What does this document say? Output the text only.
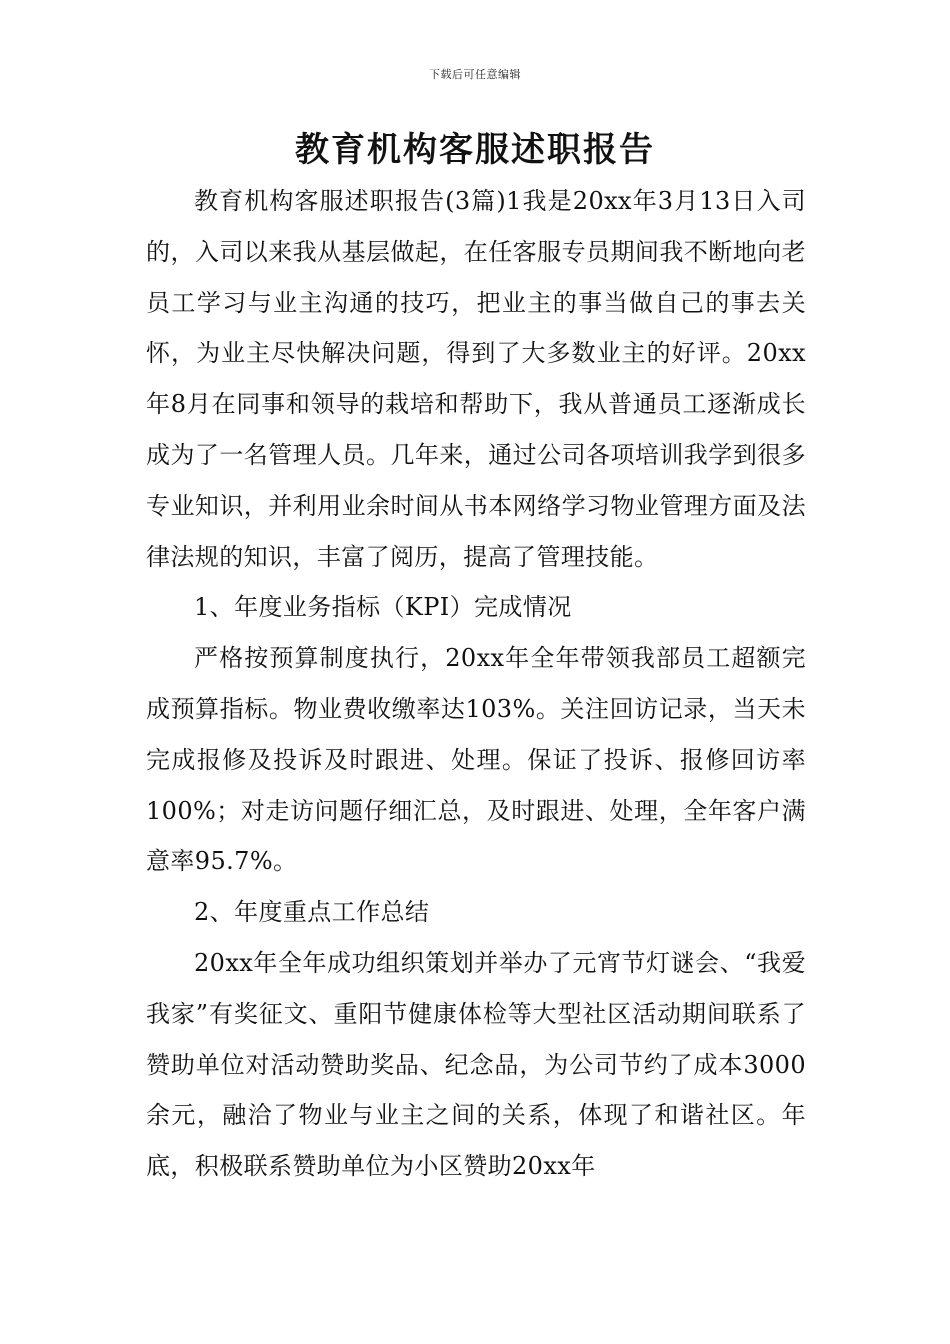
下载后可任意编辑
教育机构客服述职报告

教育机构客服述职报告(3篇)1我是20xx年3月13日入司的，入司以来我从基层做起，在任客服专员期间我不断地向老员工学习与业主沟通的技巧，把业主的事当做自己的事去关怀，为业主尽快解决问题，得到了大多数业主的好评。20xx年8月在同事和领导的栽培和帮助下，我从普通员工逐渐成长成为了一名管理人员。几年来，通过公司各项培训我学到很多专业知识，并利用业余时间从书本网络学习物业管理方面及法律法规的知识，丰富了阅历，提高了管理技能。

1、年度业务指标（KPI）完成情况

严格按预算制度执行，20xx年全年带领我部员工超额完成预算指标。物业费收缴率达103%。关注回访记录，当天未完成报修及投诉及时跟进、处理。保证了投诉、报修回访率100%；对走访问题仔细汇总，及时跟进、处理，全年客户满意率95.7%。

2、年度重点工作总结

20xx年全年成功组织策划并举办了元宵节灯谜会、“我爱我家”有奖征文、重阳节健康体检等大型社区活动期间联系了赞助单位对活动赞助奖品、纪念品，为公司节约了成本3000余元，融洽了物业与业主之间的关系，体现了和谐社区。年底，积极联系赞助单位为小区赞助20xx年
